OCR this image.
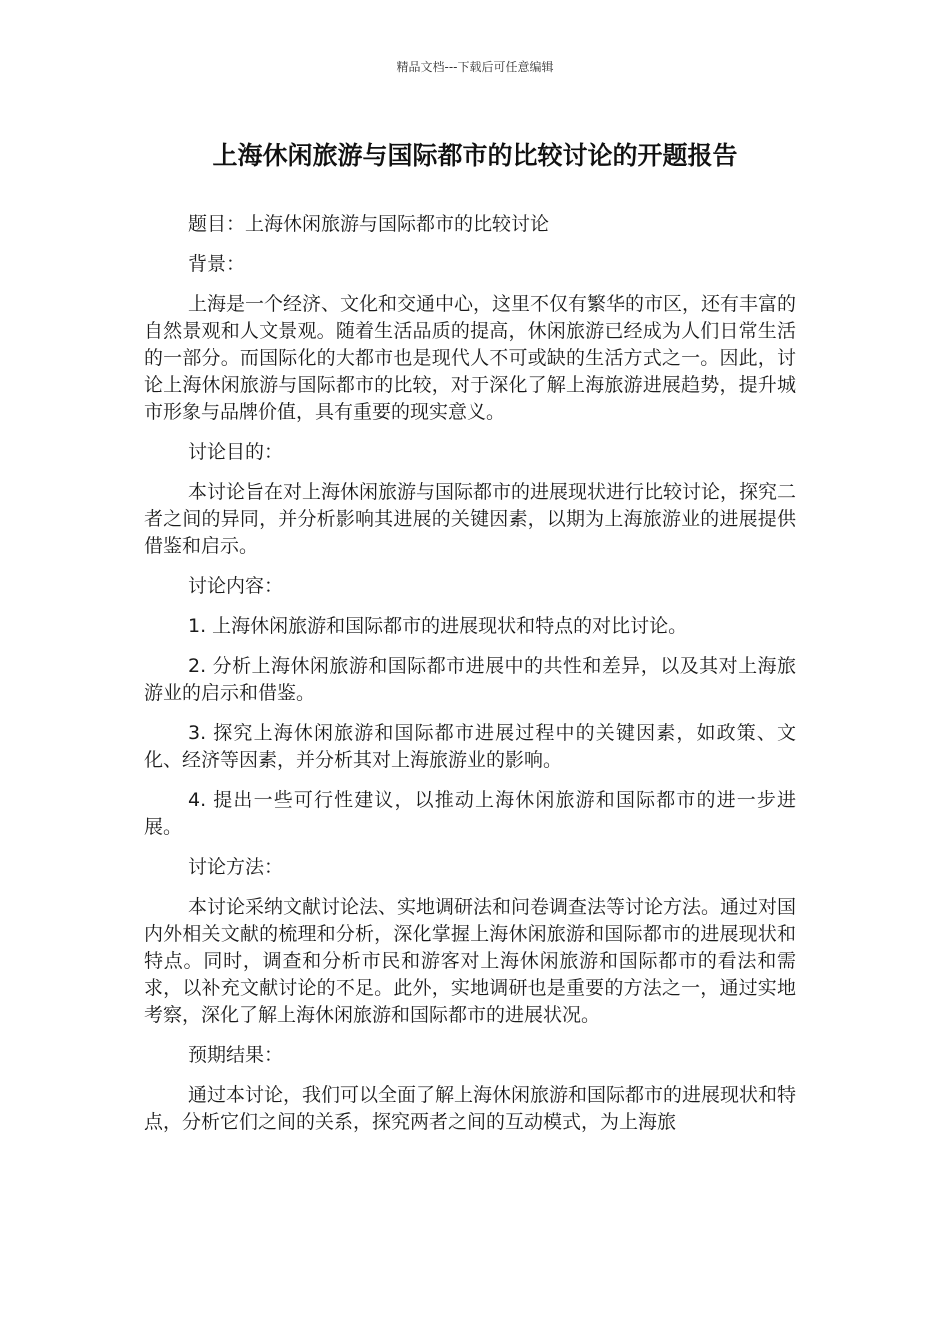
精品文档---下载后可任意编辑
上海休闲旅游与国际都市的比较讨论的开题报告

题目：上海休闲旅游与国际都市的比较讨论

背景：

上海是一个经济、文化和交通中心，这里不仅有繁华的市区，还有丰富的自然景观和人文景观。随着生活品质的提高，休闲旅游已经成为人们日常生活的一部分。而国际化的大都市也是现代人不可或缺的生活方式之一。因此，讨论上海休闲旅游与国际都市的比较，对于深化了解上海旅游进展趋势，提升城市形象与品牌价值，具有重要的现实意义。

讨论目的：

本讨论旨在对上海休闲旅游与国际都市的进展现状进行比较讨论，探究二者之间的异同，并分析影响其进展的关键因素，以期为上海旅游业的进展提供借鉴和启示。

讨论内容：

1. 上海休闲旅游和国际都市的进展现状和特点的对比讨论。

2. 分析上海休闲旅游和国际都市进展中的共性和差异，以及其对上海旅游业的启示和借鉴。

3. 探究上海休闲旅游和国际都市进展过程中的关键因素，如政策、文化、经济等因素，并分析其对上海旅游业的影响。

4. 提出一些可行性建议，以推动上海休闲旅游和国际都市的进一步进展。

讨论方法：

本讨论采纳文献讨论法、实地调研法和问卷调查法等讨论方法。通过对国内外相关文献的梳理和分析，深化掌握上海休闲旅游和国际都市的进展现状和特点。同时，调查和分析市民和游客对上海休闲旅游和国际都市的看法和需求，以补充文献讨论的不足。此外，实地调研也是重要的方法之一，通过实地考察，深化了解上海休闲旅游和国际都市的进展状况。

预期结果：

通过本讨论，我们可以全面了解上海休闲旅游和国际都市的进展现状和特点，分析它们之间的关系，探究两者之间的互动模式，为上海旅
